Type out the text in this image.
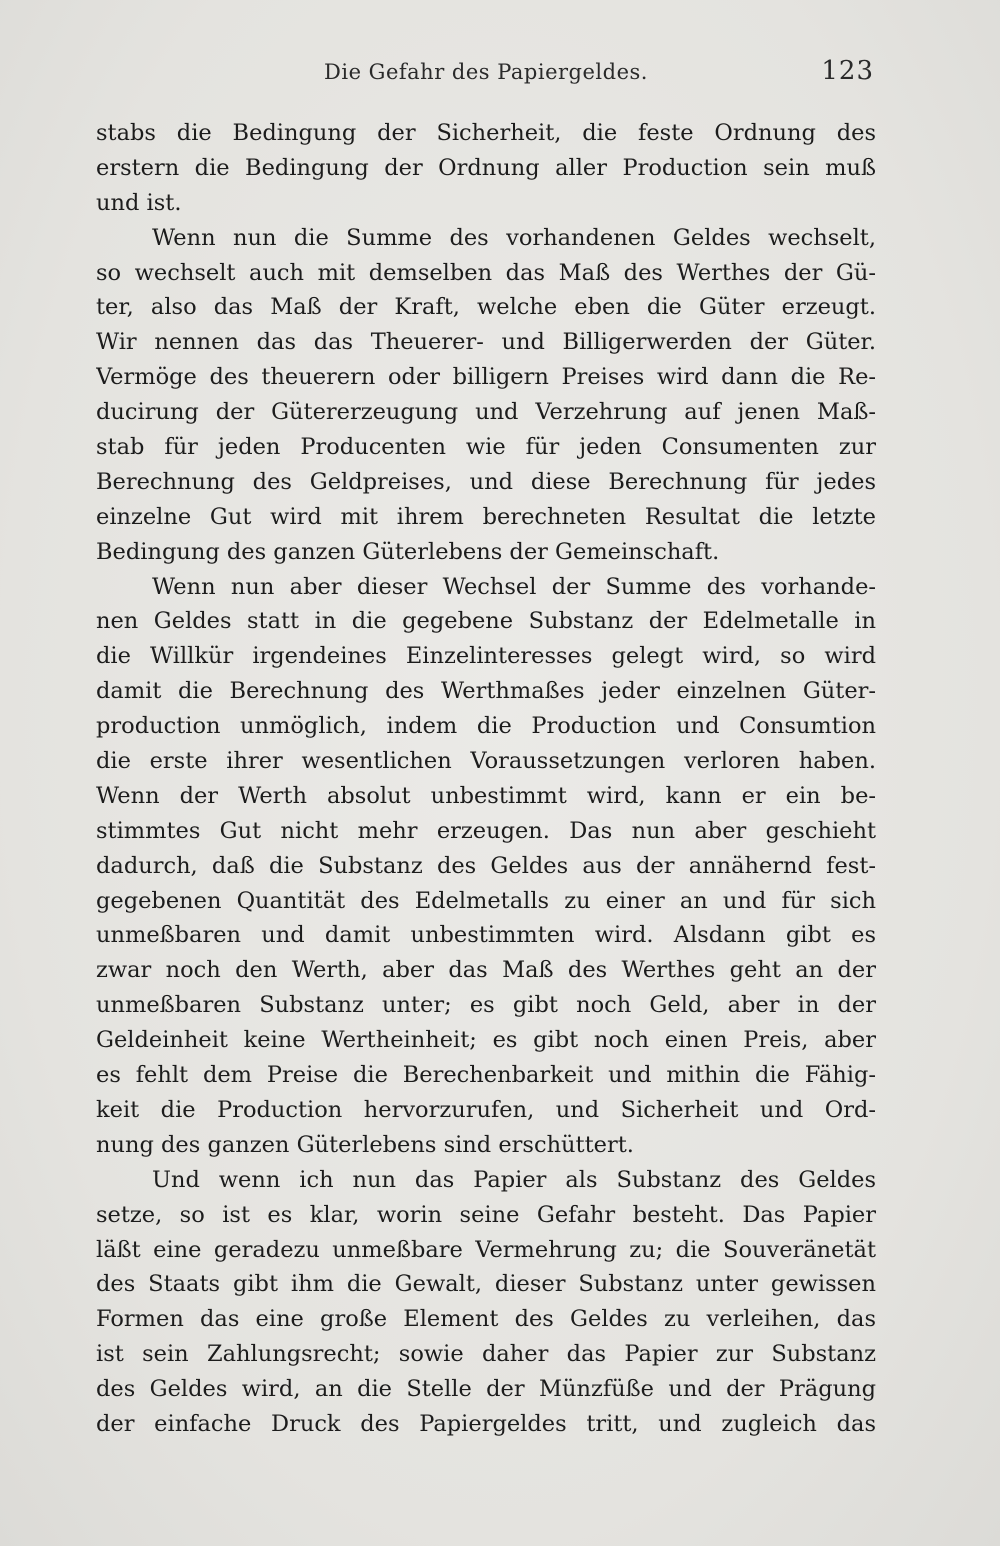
Die Gefahr des Papiergeldes.	123
stabs die Bedingung der Sicherheit, die feste Ordnung des
erstern die Bedingung der Ordnung aller Production sein muß
und ist.
Wenn nun die Summe des vorhandenen Geldes wechselt,
so wechselt auch mit demselben das Maß des Werthes der Gü-
ter, also das Maß der Kraft, welche eben die Güter erzeugt.
Wir nennen das das Theuerer- und Billigerwerden der Güter.
Vermöge des theuerern oder billigern Preises wird dann die Re-
ducirung der Gütererzeugung und Verzehrung auf jenen Maß-
stab für jeden Producenten wie für jeden Consumenten zur
Berechnung des Geldpreises, und diese Berechnung für jedes
einzelne Gut wird mit ihrem berechneten Resultat die letzte
Bedingung des ganzen Güterlebens der Gemeinschaft.
Wenn nun aber dieser Wechsel der Summe des vorhande-
nen Geldes statt in die gegebene Substanz der Edelmetalle in
die Willkür irgendeines Einzelinteresses gelegt wird, so wird
damit die Berechnung des Werthmaßes jeder einzelnen Güter-
production unmöglich, indem die Production und Consumtion
die erste ihrer wesentlichen Voraussetzungen verloren haben.
Wenn der Werth absolut unbestimmt wird, kann er ein be-
stimmtes Gut nicht mehr erzeugen. Das nun aber geschieht
dadurch, daß die Substanz des Geldes aus der annähernd fest-
gegebenen Quantität des Edelmetalls zu einer an und für sich
unmeßbaren und damit unbestimmten wird. Alsdann gibt es
zwar noch den Werth, aber das Maß des Werthes geht an der
unmeßbaren Substanz unter; es gibt noch Geld, aber in der
Geldeinheit keine Wertheinheit; es gibt noch einen Preis, aber
es fehlt dem Preise die Berechenbarkeit und mithin die Fähig-
keit die Production hervorzurufen, und Sicherheit und Ord-
nung des ganzen Güterlebens sind erschüttert.
Und wenn ich nun das Papier als Substanz des Geldes
setze, so ist es klar, worin seine Gefahr besteht. Das Papier
läßt eine geradezu unmeßbare Vermehrung zu; die Souveränetät
des Staats gibt ihm die Gewalt, dieser Substanz unter gewissen
Formen das eine große Element des Geldes zu verleihen, das
ist sein Zahlungsrecht; sowie daher das Papier zur Substanz
des Geldes wird, an die Stelle der Münzfüße und der Prägung
der einfache Druck des Papiergeldes tritt, und zugleich das
